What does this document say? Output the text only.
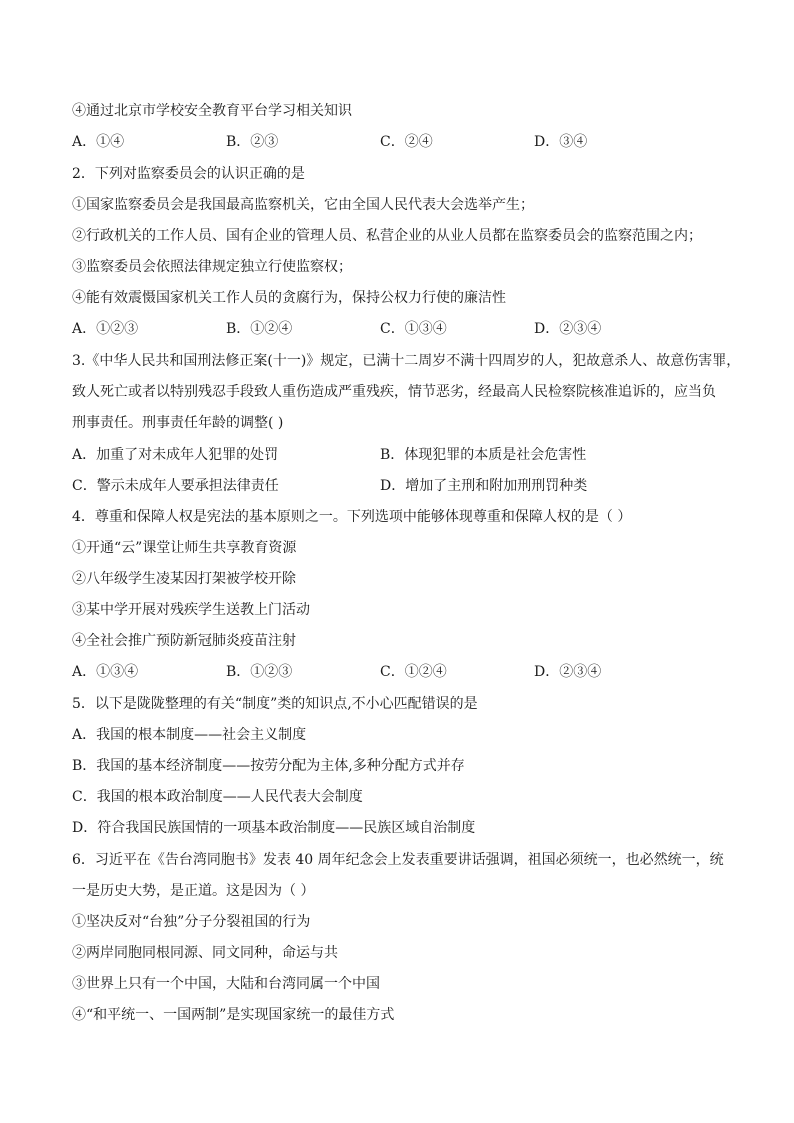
④通过北京市学校安全教育平台学习相关知识
A．①④	B．②③	C．②④	D．③④
2．下列对监察委员会的认识正确的是
①国家监察委员会是我国最高监察机关，它由全国人民代表大会选举产生；
②行政机关的工作人员、国有企业的管理人员、私营企业的从业人员都在监察委员会的监察范围之内；
③监察委员会依照法律规定独立行使监察权；
④能有效震慑国家机关工作人员的贪腐行为，保持公权力行使的廉洁性
A．①②③	B．①②④	C．①③④	D．②③④
3.《中华人民共和国刑法修正案(十一)》规定，已满十二周岁不满十四周岁的人，犯故意杀人、故意伤害罪，
致人死亡或者以特别残忍手段致人重伤造成严重残疾，情节恶劣，经最高人民检察院核准追诉的，应当负
刑事责任。刑事责任年龄的调整( )
A．加重了对未成年人犯罪的处罚	B．体现犯罪的本质是社会危害性
C．警示未成年人要承担法律责任	D．增加了主刑和附加刑刑罚种类
4．尊重和保障人权是宪法的基本原则之一。下列选项中能够体现尊重和保障人权的是（ ）
①开通“云”课堂让师生共享教育资源
②八年级学生凌某因打架被学校开除
③某中学开展对残疾学生送教上门活动
④全社会推广预防新冠肺炎疫苗注射
A．①③④	B．①②③	C．①②④	D．②③④
5．以下是陇陇整理的有关“制度”类的知识点,不小心匹配错误的是
A．我国的根本制度——社会主义制度
B．我国的基本经济制度——按劳分配为主体,多种分配方式并存
C．我国的根本政治制度——人民代表大会制度
D．符合我国民族国情的一项基本政治制度——民族区域自治制度
6．习近平在《告台湾同胞书》发表 40 周年纪念会上发表重要讲话强调，祖国必须统一，也必然统一，统
一是历史大势，是正道。这是因为（ ）
①坚决反对“台独”分子分裂祖国的行为
②两岸同胞同根同源、同文同种，命运与共
③世界上只有一个中国，大陆和台湾同属一个中国
④“和平统一、一国两制”是实现国家统一的最佳方式
